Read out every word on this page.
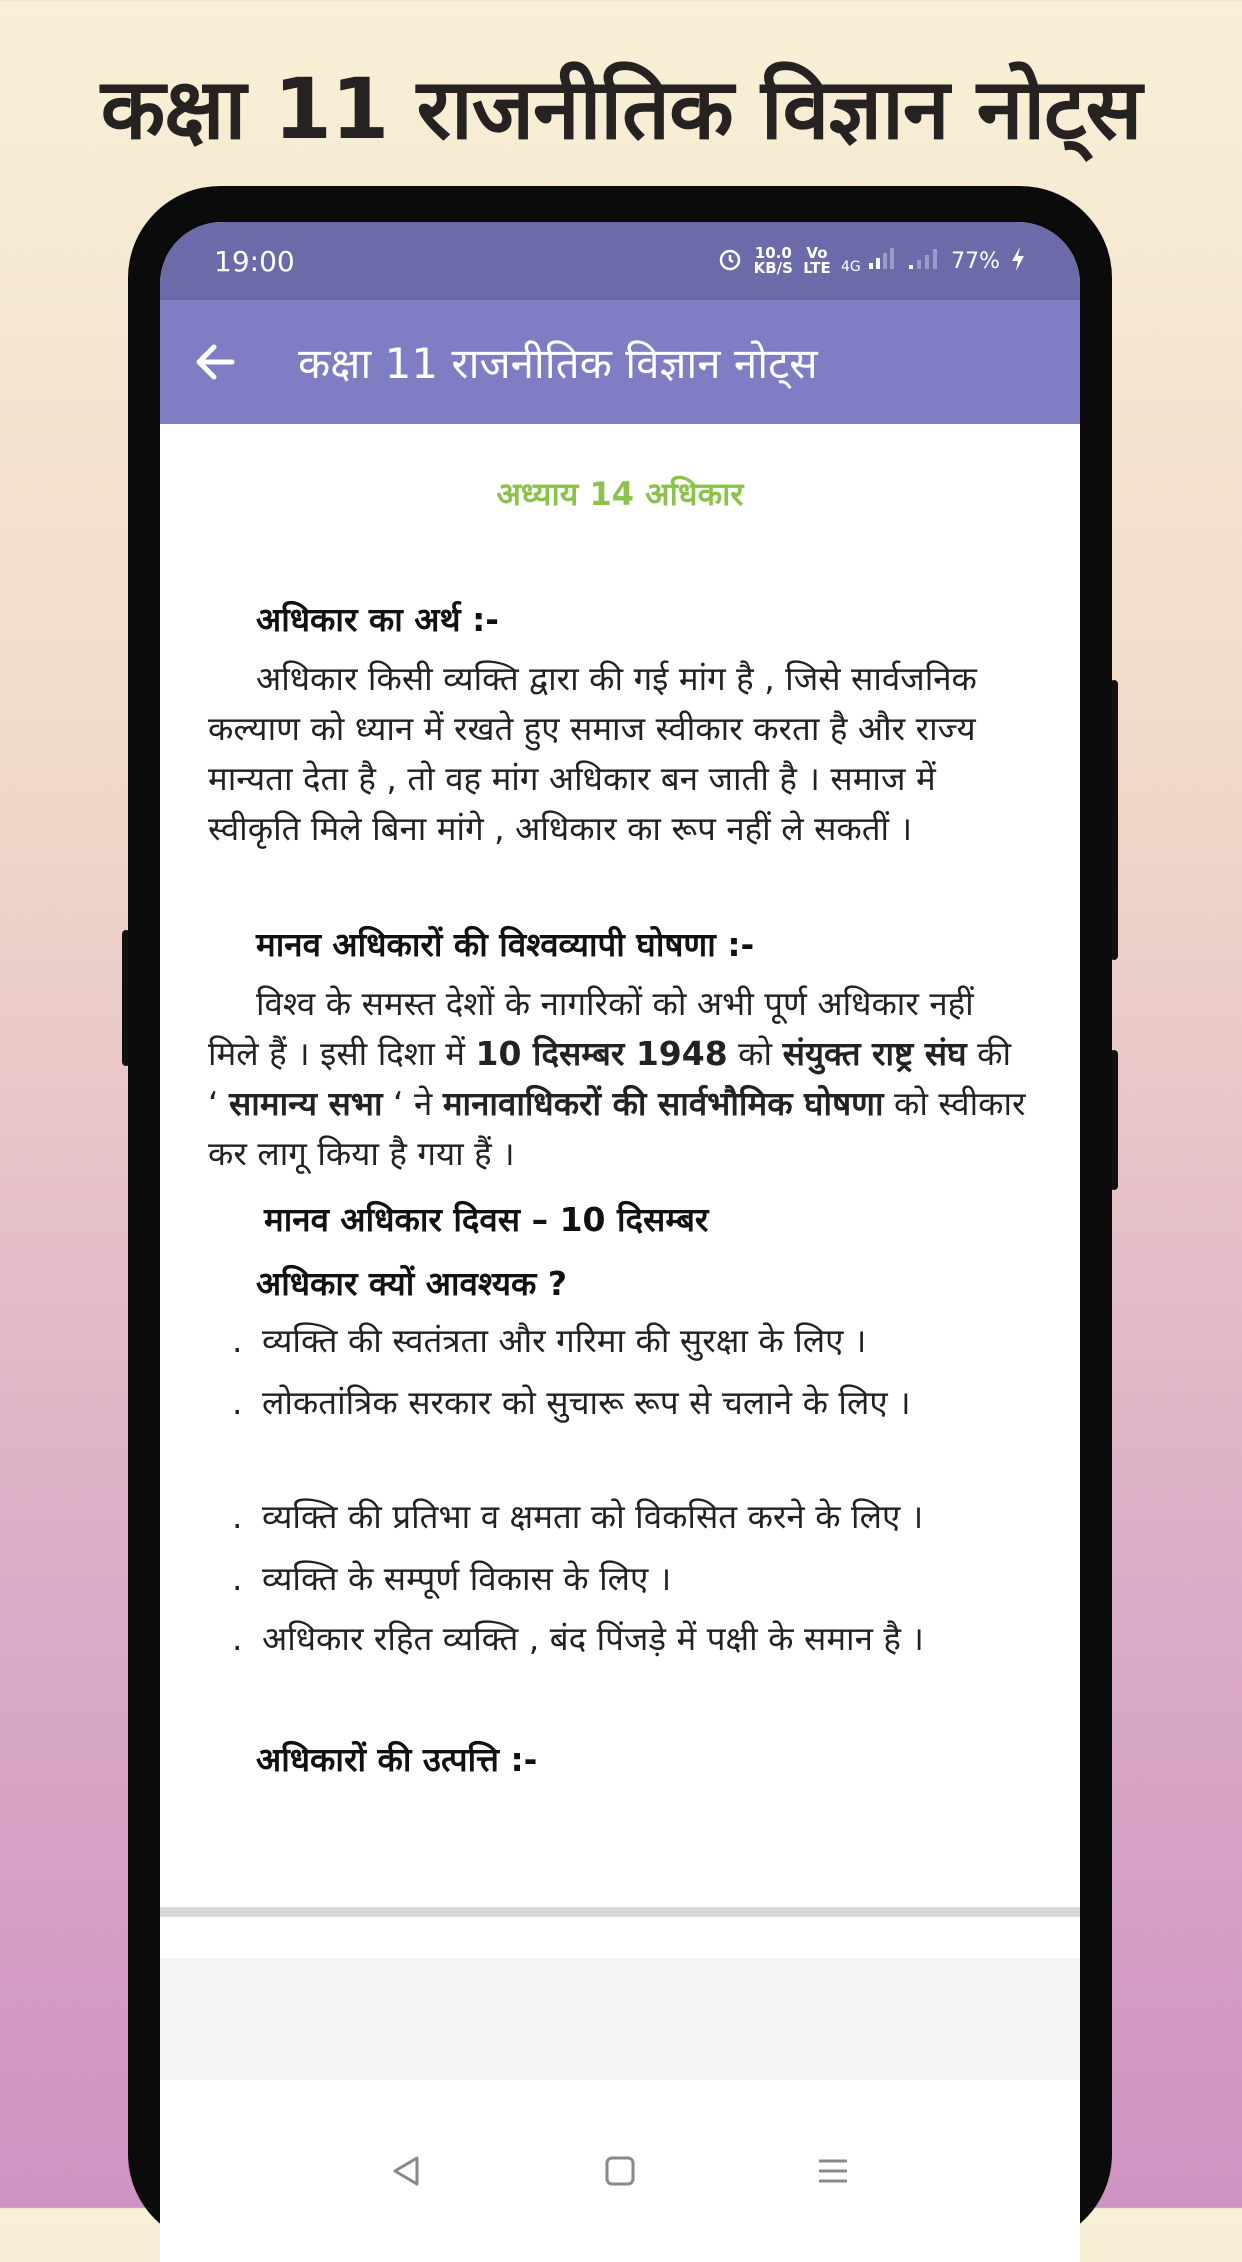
कक्षा 11 राजनीतिक विज्ञान नोट्स
19:00	10.0
KB/S
Vo LTE 4G	77%
कक्षा 11 राजनीतिक विज्ञान नोट्स
अध्याय 14 अधिकार
अधिकार का अर्थ :-
अधिकार किसी व्यक्ति द्वारा की गई मांग है , जिसे सार्वजनिक कल्याण को ध्यान में रखते हुए समाज स्वीकार करता है और राज्य मान्यता देता है , तो वह मांग अधिकार बन जाती है । समाज में स्वीकृति मिले बिना मांगे , अधिकार का रूप नहीं ले सकतीं ।
मानव अधिकारों की विश्वव्यापी घोषणा :-
विश्व के समस्त देशों के नागरिकों को अभी पूर्ण अधिकार नहीं मिले हैं । इसी दिशा में 10 दिसम्बर 1948 को संयुक्त राष्ट्र संघ की ‘ सामान्य सभा ‘ ने मानावाधिकरों की सार्वभौमिक घोषणा को स्वीकार कर लागू किया है गया हैं ।
मानव अधिकार दिवस – 10 दिसम्बर
अधिकार क्यों आवश्यक ?
. व्यक्ति की स्वतंत्रता और गरिमा की सुरक्षा के लिए ।
. लोकतांत्रिक सरकार को सुचारू रूप से चलाने के लिए ।
. व्यक्ति की प्रतिभा व क्षमता को विकसित करने के लिए ।
. व्यक्ति के सम्पूर्ण विकास के लिए ।
. अधिकार रहित व्यक्ति , बंद पिंजड़े में पक्षी के समान है ।
अधिकारों की उत्पत्ति :-
